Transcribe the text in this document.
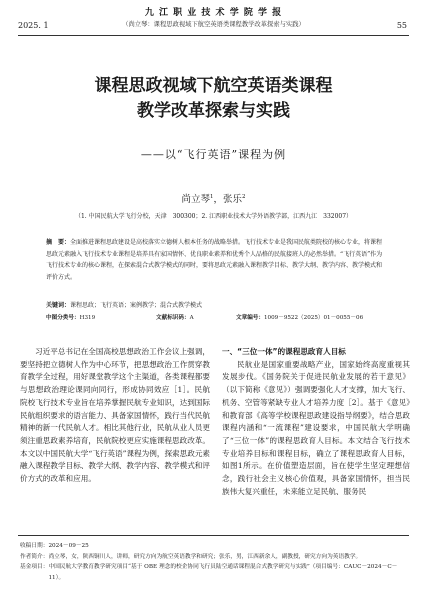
九 江 职 业 技 术 学 院 学 报
2025. 1	（尚立琴：课程思政视域下航空英语类课程教学改革探索与实践）	55
课程思政视域下航空英语类课程
教学改革探索与实践
——以“飞行英语”课程为例
尚立琴$^1$，张乐$^2$
（1. 中国民航大学飞行分校，天津　300300；2. 江西职业技术大学外语教学部，江西九江　332007）
摘　要：全面推进课程思政建设是高校落实立德树人根本任务的战略举措。飞行技术专业是我国民航类院校的核心专业，将课程思政元素融入飞行技术专业课程是培养具有家国情怀、优良职业素养和优秀个人品格的民航接班人的必然举措。“飞行英语”作为飞行技术专业的核心课程，在探索混合式教学模式的同时，要将思政元素融入课程教学目标、教学大纲、教学内容、教学模式和评价方式。
关键词：课程思政；飞行英语；案例教学；混合式教学模式
中图分类号：H319	文献标识码：A	文章编号：1009－9522（2025）01－0055－06
习近平总书记在全国高校思想政治工作会议上强调，要坚持把立德树人作为中心环节，把思想政治工作贯穿教育教学全过程，用好课堂教学这个主渠道，各类课程都要与思想政治理论课同向同行，形成协同效应［1］。民航院校飞行技术专业旨在培养掌握民航专业知识，达到国际民航组织要求的语言能力、具备家国情怀，践行当代民航精神的新一代民航人才。相比其他行业，民航从业人员更须注重思政素养培育，民航院校更应实施课程思政改革。本文以中国民航大学“飞行英语”课程为例，探索思政元素融入课程教学目标、教学大纲、教学内容、教学模式和评价方式的改革和应用。
一、“三位一体”的课程思政育人目标

民航业是国家重要战略产业，国家始终高度重视其发展步伐。《国务院关于促进民航业发展的若干意见》（以下简称《意见》）强调要强化人才支撑，加大飞行、机务、空管等紧缺专业人才培养力度［2］。基于《意见》和教育部《高等学校课程思政建设指导纲要》，结合思政课程内涵和“一流课程”建设要求，中国民航大学明确了“三位一体”的课程思政育人目标。本文结合飞行技术专业培养目标和课程目标，确立了课程思政育人目标，如图1所示。在价值塑造层面，旨在使学生坚定理想信念，践行社会主义核心价值观，具备家国情怀，担当民族伟大复兴重任，未来能立足民航、服务民

收稿日期： 2024－09－25
作者简介： 尚立琴，女，陕西铜川人，讲师，研究方向为航空英语教学和研究；张乐，男，江西新余人，副教授，研究方向为英语教学。
基金项目： 中国民航大学教育教学研究项目“基于 OBE 理念的校企协同飞行员陆空通话课程混合式教学研究与实践”（项目编号：CAUC－2024－C－11）。
